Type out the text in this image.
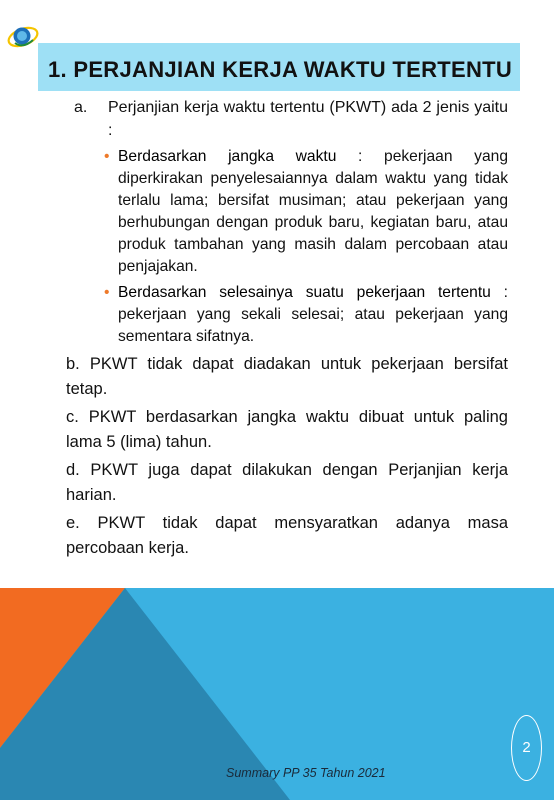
1. PERJANJIAN KERJA WAKTU TERTENTU
a. Perjanjian kerja waktu tertentu (PKWT) ada 2 jenis yaitu :
• Berdasarkan jangka waktu : pekerjaan yang diperkirakan penyelesaiannya dalam waktu yang tidak terlalu lama; bersifat musiman; atau pekerjaan yang berhubungan dengan produk baru, kegiatan baru, atau produk tambahan yang masih dalam percobaan atau penjajakan.
• Berdasarkan selesainya suatu pekerjaan tertentu : pekerjaan yang sekali selesai; atau pekerjaan yang sementara sifatnya.
b. PKWT tidak dapat diadakan untuk pekerjaan bersifat tetap.
c. PKWT berdasarkan jangka waktu dibuat untuk paling lama 5 (lima) tahun.
d. PKWT juga dapat dilakukan dengan Perjanjian kerja harian.
e. PKWT tidak dapat mensyaratkan adanya masa percobaan kerja.
Summary PP 35 Tahun 2021
2
